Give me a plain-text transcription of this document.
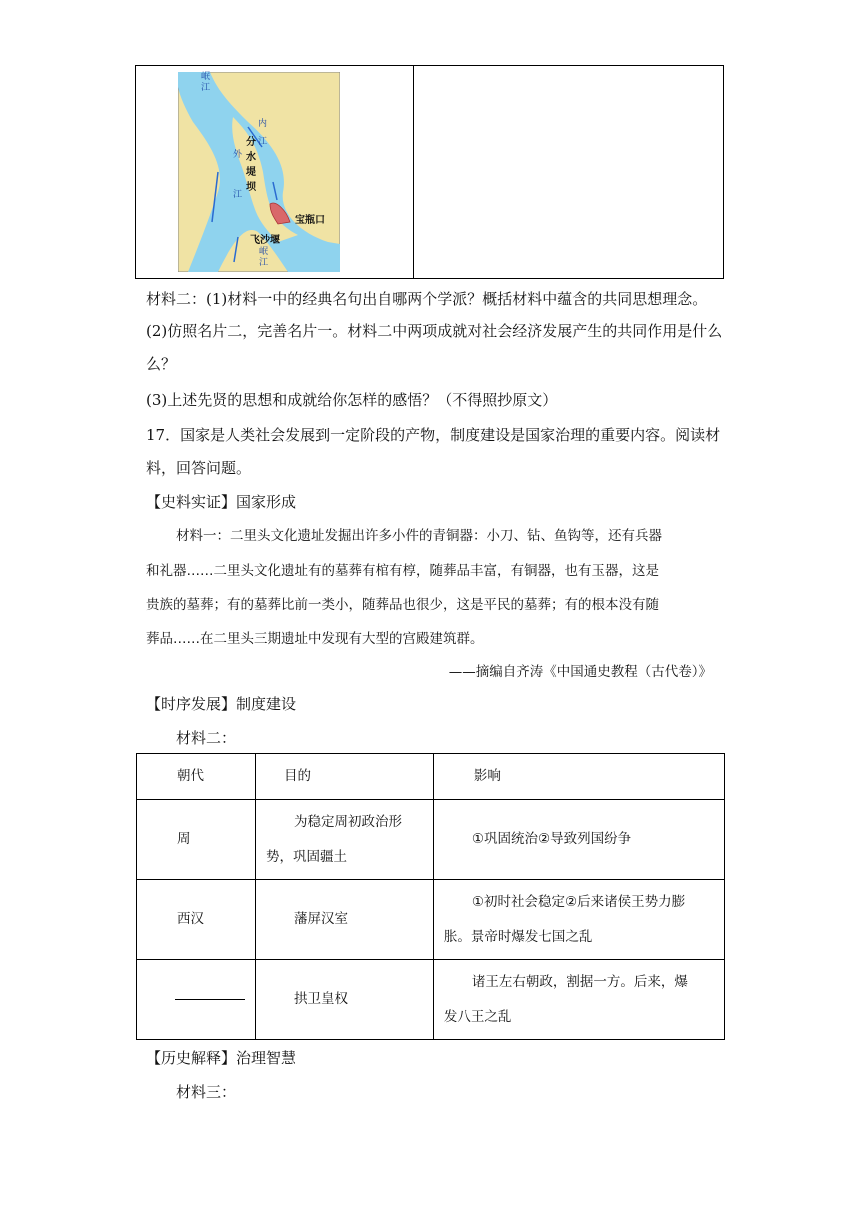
岷江
内江
外江
分水堤坝
宝瓶口
飞沙堰
岷江
材料二：(1)材料一中的经典名句出自哪两个学派？概括材料中蕴含的共同思想理念。
(2)仿照名片二，完善名片一。材料二中两项成就对社会经济发展产生的共同作用是什么
么？
(3)上述先贤的思想和成就给你怎样的感悟？（不得照抄原文）
17．国家是人类社会发展到一定阶段的产物，制度建设是国家治理的重要内容。阅读材
料，回答问题。
【史料实证】国家形成
材料一：二里头文化遗址发掘出许多小件的青铜器：小刀、钻、鱼钩等，还有兵器
和礼器……二里头文化遗址有的墓葬有棺有椁，随葬品丰富，有铜器，也有玉器，这是
贵族的墓葬；有的墓葬比前一类小，随葬品也很少，这是平民的墓葬；有的根本没有随
葬品……在二里头三期遗址中发现有大型的宫殿建筑群。
——摘编自齐涛《中国通史教程（古代卷）》
【时序发展】制度建设
材料二：
朝代	目的	影响

周	为稳定周初政治形
势，巩固疆土	①巩固统治②导致列国纷争

西汉	藩屏汉室	①初时社会稳定②后来诸侯王势力膨
胀。景帝时爆发七国之乱

	拱卫皇权	诸王左右朝政，割据一方。后来，爆
发八王之乱
【历史解释】治理智慧
材料三：
